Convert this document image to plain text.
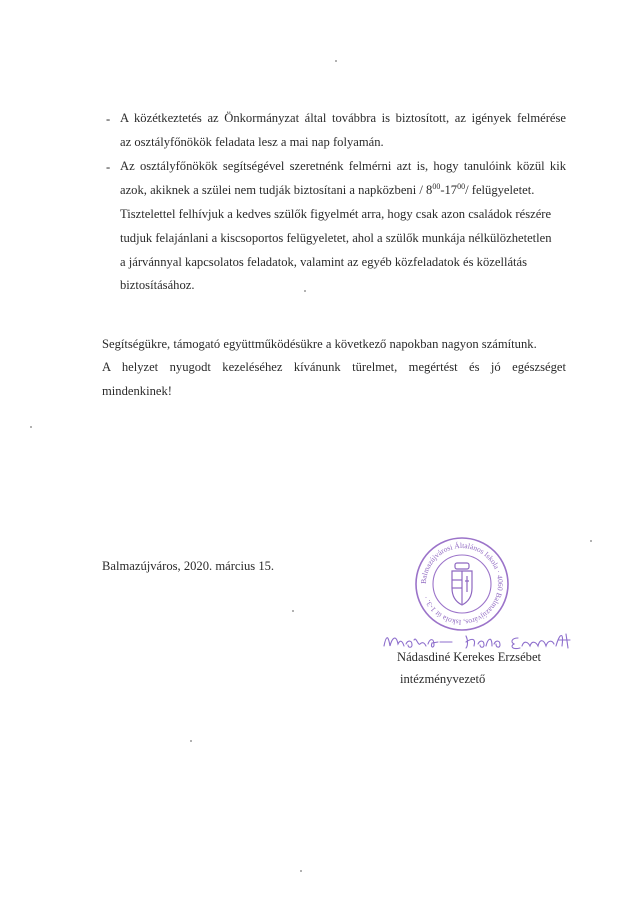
- A közétkeztetés az Önkormányzat által továbbra is biztosított, az igények felmérése
az osztályfőnökök feladata lesz a mai nap folyamán.
- Az osztályfőnökök segítségével szeretnénk felmérni azt is, hogy tanulóink közül kik
azok, akiknek a szülei nem tudják biztosítani a napközbeni / $8^{00}-17^{00}/$ felügyeletet.
Tisztelettel felhívjuk a kedves szülők figyelmét arra, hogy csak azon családok részére
tudjuk felajánlani a kiscsoportos felügyeletet, ahol a szülők munkája nélkülözhetetlen
a járvánnyal kapcsolatos feladatok, valamint az egyéb közfeladatok és közellátás
biztosításához.
Segítségükre, támogató együttműködésükre a következő napokban nagyon számítunk.
A helyzet nyugodt kezeléséhez kívánunk türelmet, megértést és jó egészséget
mindenkinek!
Balmazújváros, 2020. március 15.
Balmazújvárosi Általános Iskola · 4060 Balmazújváros, Iskola út 1-3. ·
Nádasdiné Kerekes Erzsébet
intézményvezető
